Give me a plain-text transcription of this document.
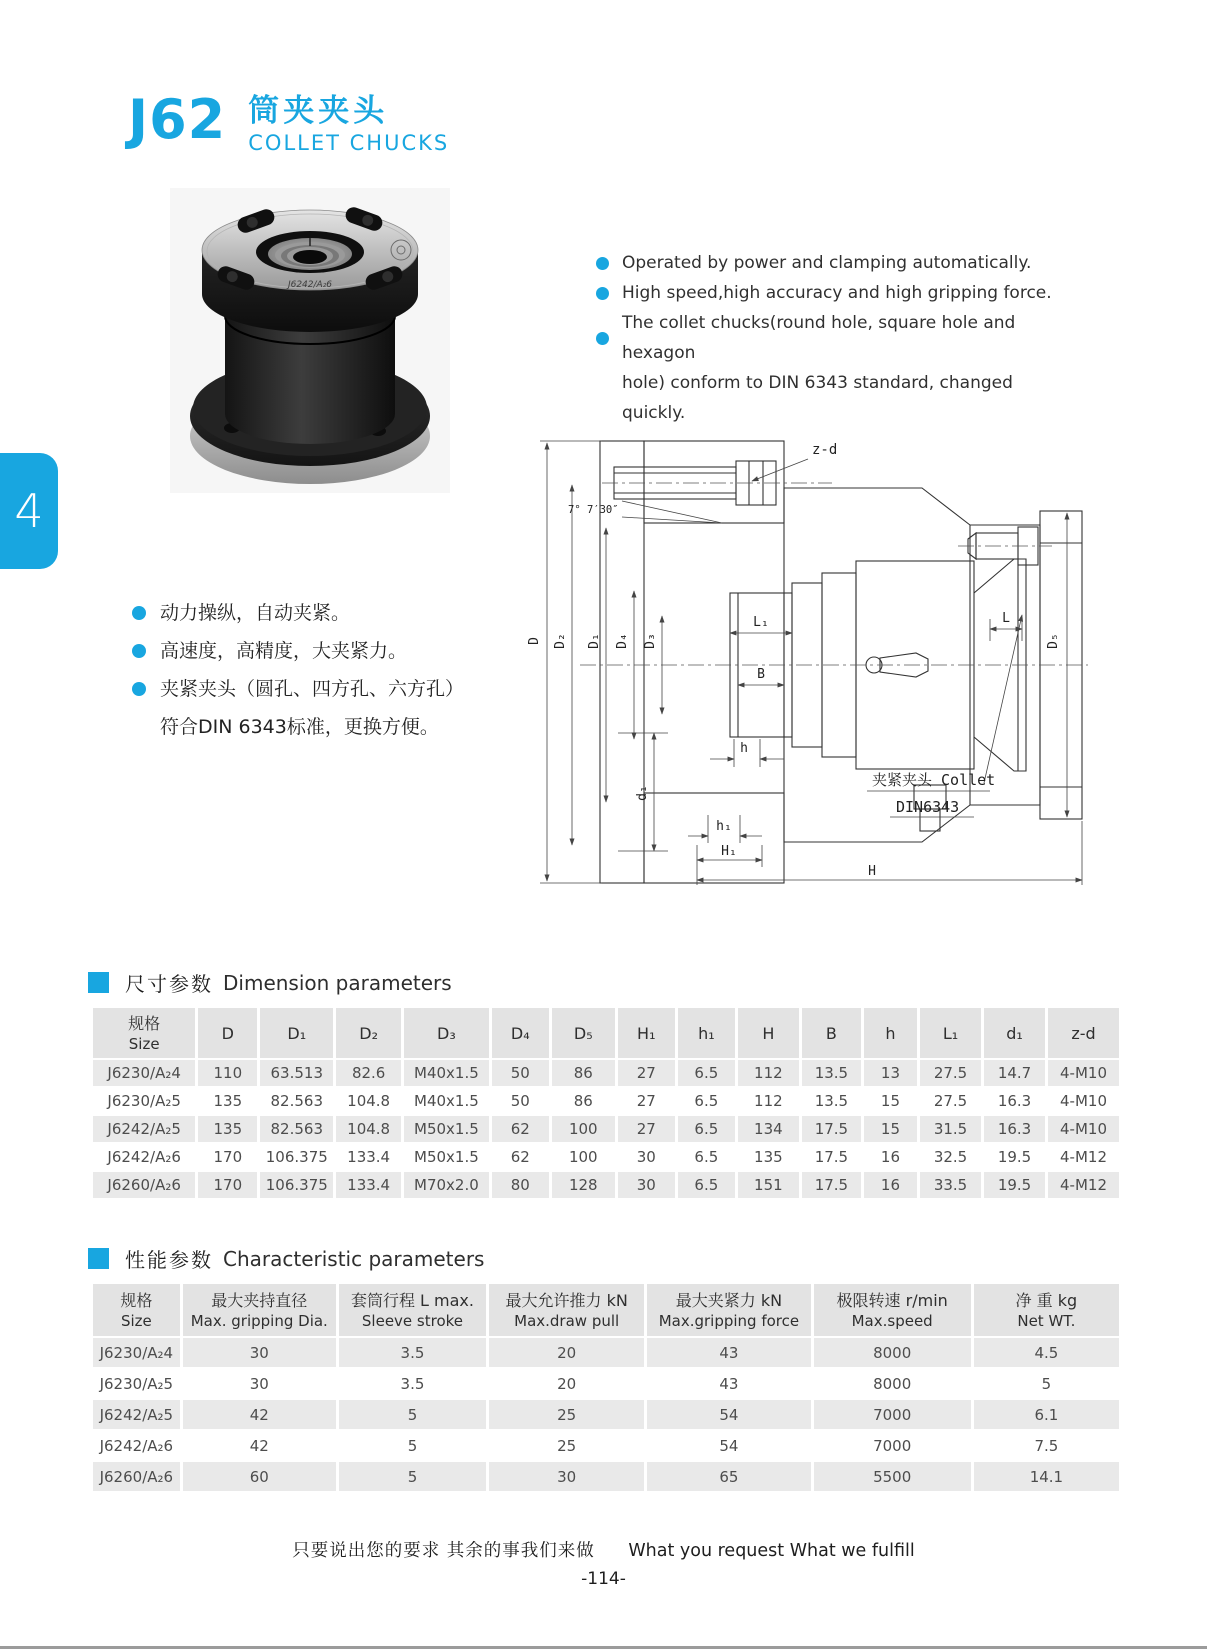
J62 筒夹夹头
COLLET CHUCKS
4
J6242/A₂6
Operated by power and clamping automatically.
High speed,high accuracy and high gripping force.
The collet chucks(round hole, square hole and hexagon
hole) conform to DIN 6343 standard, changed quickly.
动力操纵，自动夹紧。
高速度，高精度，大夹紧力。
夹紧夹头（圆孔、四方孔、六方孔）
符合DIN 6343标准，更换方便。
z-d
7° 7′30″
D D₂ D₁ D₄ D₃	D₅
L₁
B
L
h
d₁
h₁
H₁
H
夹紧夹头 Collet
DIN6343
尺寸参数 Dimension parameters
规格
Size	D	D₁	D₂	D₃	D₄	D₅	H₁	h₁	H	B	h	L₁	d₁	z-d

J6230/A₂4	110	63.513	82.6	M40x1.5	50	86	27	6.5	112	13.5	13	27.5	14.7	4-M10
J6230/A₂5	135	82.563	104.8	M40x1.5	50	86	27	6.5	112	13.5	15	27.5	16.3	4-M10
J6242/A₂5	135	82.563	104.8	M50x1.5	62	100	27	6.5	134	17.5	15	31.5	16.3	4-M10
J6242/A₂6	170	106.375	133.4	M50x1.5	62	100	30	6.5	135	17.5	16	32.5	19.5	4-M12
J6260/A₂6	170	106.375	133.4	M70x2.0	80	128	30	6.5	151	17.5	16	33.5	19.5	4-M12
性能参数 Characteristic parameters
规格
Size

最大夹持直径
Max. gripping Dia.

套筒行程 L max.
Sleeve stroke

最大允许推力 kN
Max.draw pull

最大夹紧力 kN
Max.gripping force

极限转速 r/min
Max.speed

净 重 kg
Net WT.

J6230/A₂4	30	3.5	20	43	8000	4.5
J6230/A₂5	30	3.5	20	43	8000	5
J6242/A₂5	42	5	25	54	7000	6.1
J6242/A₂6	42	5	25	54	7000	7.5
J6260/A₂6	60	5	30	65	5500	14.1
只要说出您的要求 其余的事我们来做 What you request What we fulfill
-114-
